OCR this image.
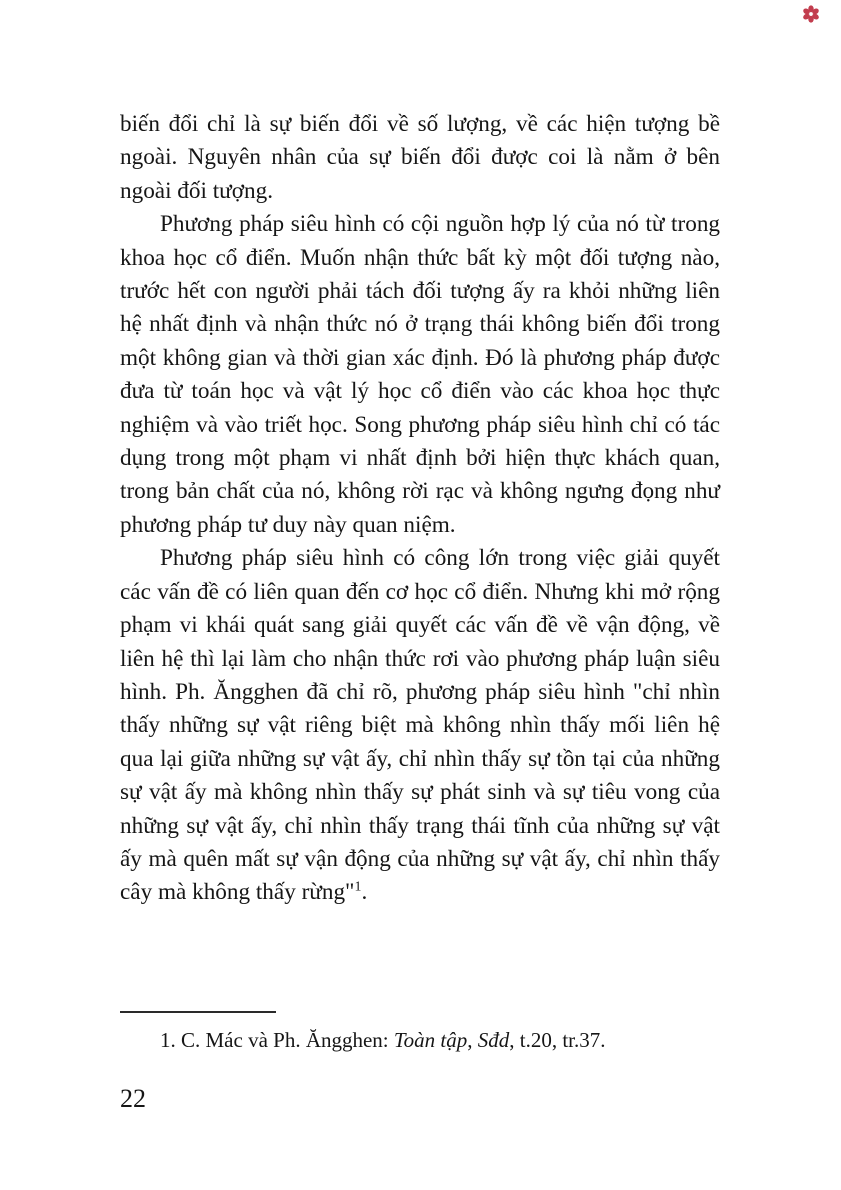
biến đổi chỉ là sự biến đổi về số lượng, về các hiện tượng bề ngoài. Nguyên nhân của sự biến đổi được coi là nằm ở bên ngoài đối tượng.

Phương pháp siêu hình có cội nguồn hợp lý của nó từ trong khoa học cổ điển. Muốn nhận thức bất kỳ một đối tượng nào, trước hết con người phải tách đối tượng ấy ra khỏi những liên hệ nhất định và nhận thức nó ở trạng thái không biến đổi trong một không gian và thời gian xác định. Đó là phương pháp được đưa từ toán học và vật lý học cổ điển vào các khoa học thực nghiệm và vào triết học. Song phương pháp siêu hình chỉ có tác dụng trong một phạm vi nhất định bởi hiện thực khách quan, trong bản chất của nó, không rời rạc và không ngưng đọng như phương pháp tư duy này quan niệm.

Phương pháp siêu hình có công lớn trong việc giải quyết các vấn đề có liên quan đến cơ học cổ điển. Nhưng khi mở rộng phạm vi khái quát sang giải quyết các vấn đề về vận động, về liên hệ thì lại làm cho nhận thức rơi vào phương pháp luận siêu hình. Ph. Ăngghen đã chỉ rõ, phương pháp siêu hình "chỉ nhìn thấy những sự vật riêng biệt mà không nhìn thấy mối liên hệ qua lại giữa những sự vật ấy, chỉ nhìn thấy sự tồn tại của những sự vật ấy mà không nhìn thấy sự phát sinh và sự tiêu vong của những sự vật ấy, chỉ nhìn thấy trạng thái tĩnh của những sự vật ấy mà quên mất sự vận động của những sự vật ấy, chỉ nhìn thấy cây mà không thấy rừng"$^1$.

1. C. Mác và Ph. Ăngghen: Toàn tập, Sđd, t.20, tr.37.

22
